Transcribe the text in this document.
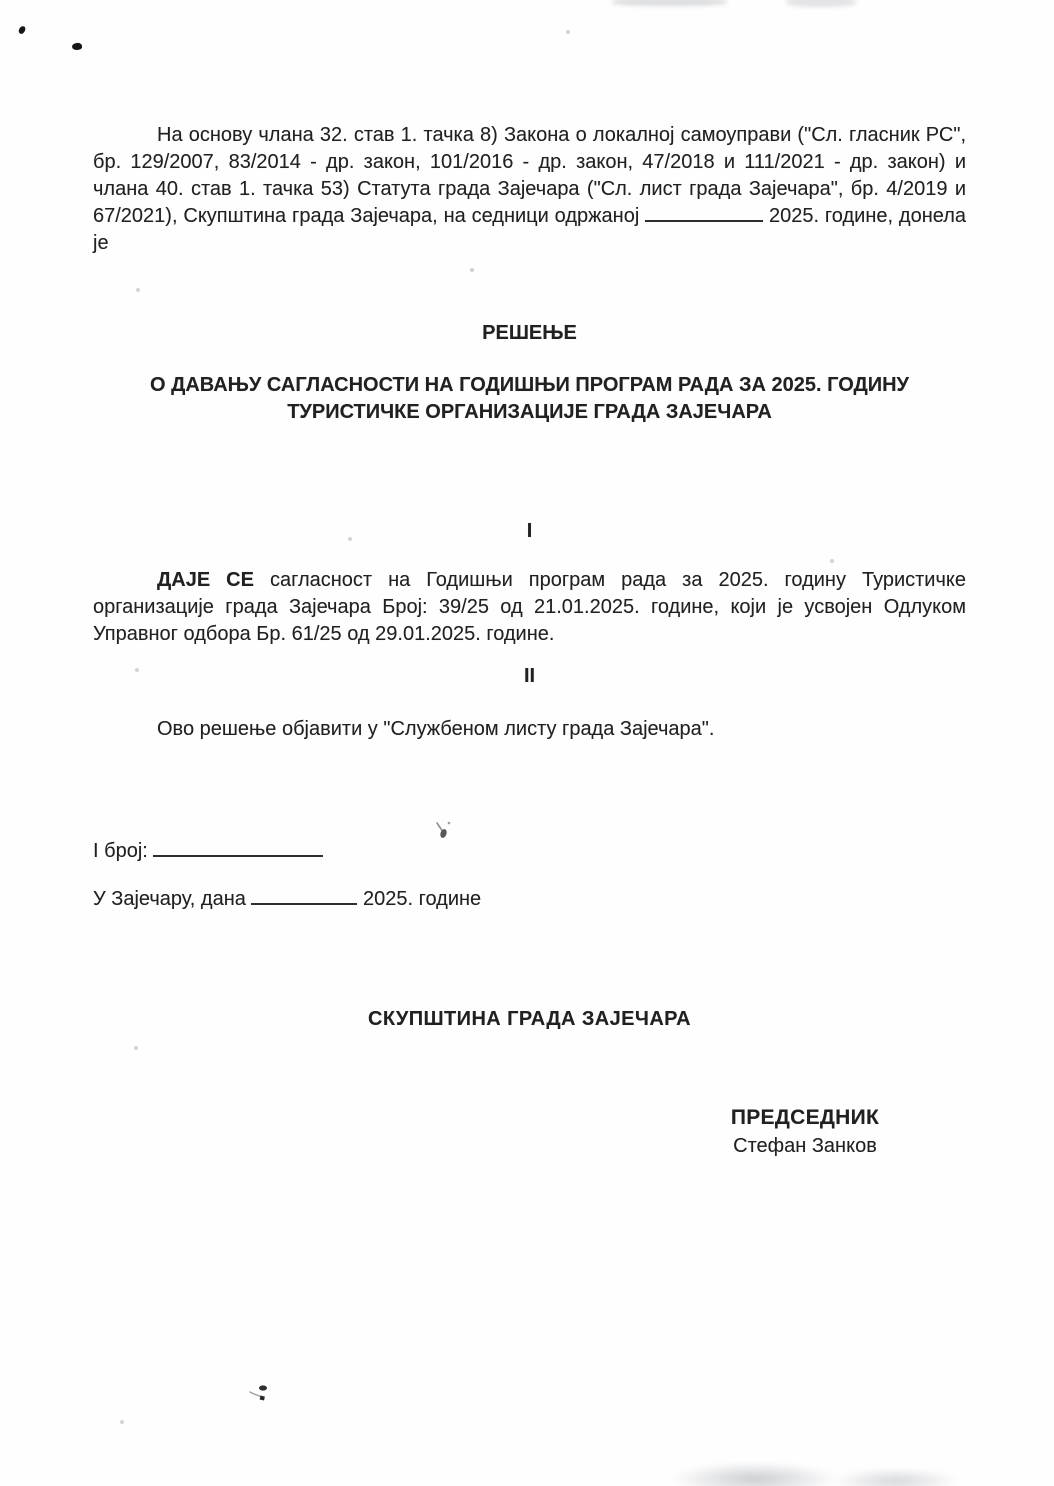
На основу члана 32. став 1. тачка 8) Закона о локалној самоуправи ("Сл. гласник РС", бр. 129/2007, 83/2014 - др. закон, 101/2016 - др. закон, 47/2018 и 111/2021 - др. закон) и члана 40. став 1. тачка 53) Статута града Зајечара ("Сл. лист града Зајечара", бр. 4/2019 и 67/2021), Скупштина града Зајечара, на седници одржаној	2025. године, донела је

РЕШЕЊЕ

О ДАВАЊУ САГЛАСНОСТИ НА ГОДИШЊИ ПРОГРАМ РАДА ЗА 2025. ГОДИНУ
ТУРИСТИЧКЕ ОРГАНИЗАЦИЈЕ ГРАДА ЗАЈЕЧАРА

I

ДАЈЕ СЕ сагласност на Годишњи програм рада за 2025. годину Туристичке организације града Зајечара Број: 39/25 од 21.01.2025. године, који је усвојен Одлуком Управног одбора Бр. 61/25 од 29.01.2025. године.

II

Ово решење објавити у "Службеном листу града Зајечара".

I број:

У Зајечару, дана	2025. године

СКУПШТИНА ГРАДА ЗАЈЕЧАРА

ПРЕДСЕДНИК
Стефан Занков
